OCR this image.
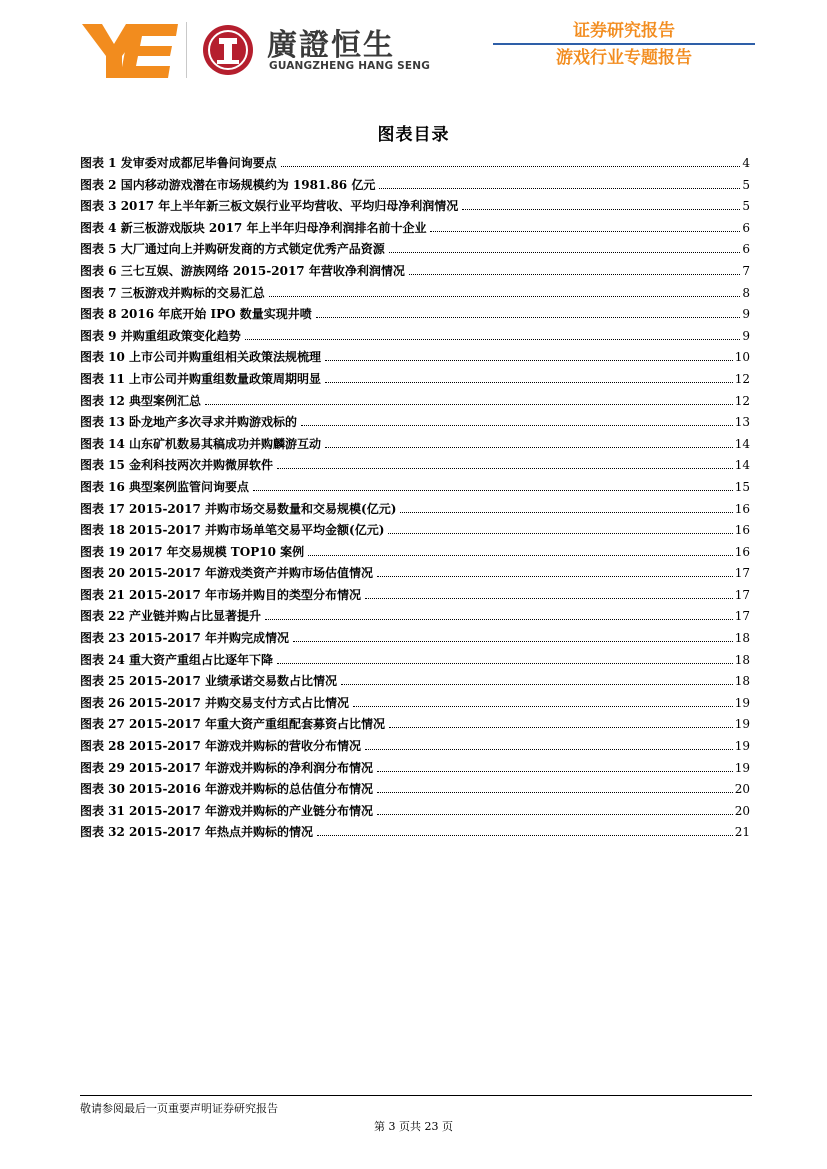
廣證恒生
GUANGZHENG HANG SENG
证券研究报告
游戏行业专题报告
图表目录
图表 1 发审委对成都尼毕鲁问询要点	4
图表 2 国内移动游戏潜在市场规模约为 1981.86 亿元	5
图表 3 2017 年上半年新三板文娱行业平均营收、平均归母净利润情况	5
图表 4 新三板游戏版块 2017 年上半年归母净利润排名前十企业	6
图表 5 大厂通过向上并购研发商的方式锁定优秀产品资源	6
图表 6 三七互娱、游族网络 2015-2017 年营收净利润情况	7
图表 7 三板游戏并购标的交易汇总	8
图表 8 2016 年底开始 IPO 数量实现井喷	9
图表 9 并购重组政策变化趋势	9
图表 10 上市公司并购重组相关政策法规梳理	10
图表 11 上市公司并购重组数量政策周期明显	12
图表 12 典型案例汇总	12
图表 13 卧龙地产多次寻求并购游戏标的	13
图表 14 山东矿机数易其稿成功并购麟游互动	14
图表 15 金利科技两次并购微屏软件	14
图表 16 典型案例监管问询要点	15
图表 17 2015-2017 并购市场交易数量和交易规模(亿元)	16
图表 18 2015-2017 并购市场单笔交易平均金额(亿元)	16
图表 19 2017 年交易规模 TOP10 案例	16
图表 20 2015-2017 年游戏类资产并购市场估值情况	17
图表 21 2015-2017 年市场并购目的类型分布情况	17
图表 22 产业链并购占比显著提升	17
图表 23 2015-2017 年并购完成情况	18
图表 24 重大资产重组占比逐年下降	18
图表 25 2015-2017 业绩承诺交易数占比情况	18
图表 26 2015-2017 并购交易支付方式占比情况	19
图表 27 2015-2017 年重大资产重组配套募资占比情况	19
图表 28 2015-2017 年游戏并购标的营收分布情况	19
图表 29 2015-2017 年游戏并购标的净利润分布情况	19
图表 30 2015-2016 年游戏并购标的总估值分布情况	20
图表 31 2015-2017 年游戏并购标的产业链分布情况	20
图表 32 2015-2017 年热点并购标的情况	21
敬请参阅最后一页重要声明证券研究报告
第 3 页共 23 页
